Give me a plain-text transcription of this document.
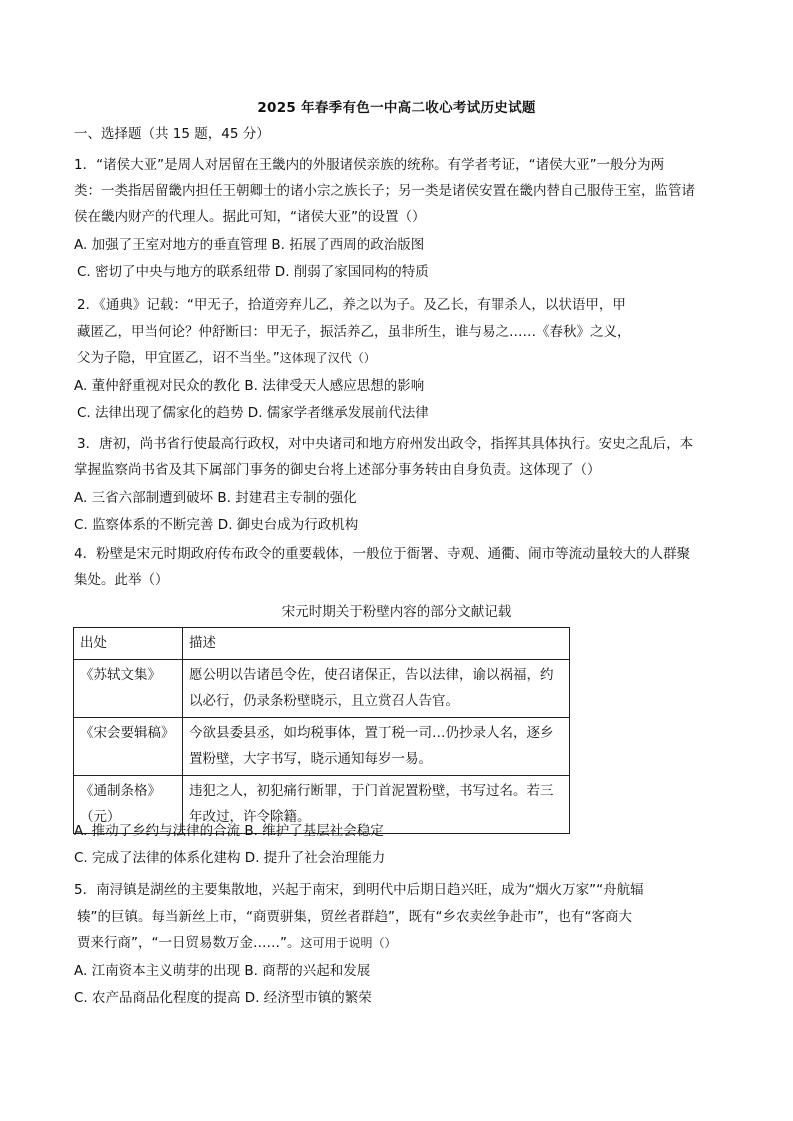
2025 年春季有色一中高二收心考试历史试题
一、选择题（共 15 题，45 分）
1．“诸侯大亚”是周人对居留在王畿内的外服诸侯亲族的统称。有学者考证，“诸侯大亚”一般分为两
类：一类指居留畿内担任王朝卿士的诸小宗之族长子；另一类是诸侯安置在畿内替自己服侍王室，监管诸
侯在畿内财产的代理人。据此可知，“诸侯大亚”的设置（）
A. 加强了王室对地方的垂直管理 B. 拓展了西周的政治版图
C. 密切了中央与地方的联系纽带 D. 削弱了家国同构的特质
2．《通典》记载：“甲无子，拾道旁弃儿乙，养之以为子。及乙长，有罪杀人，以状语甲，甲
藏匿乙，甲当何论？仲舒断曰：甲无子，振活养乙，虽非所生，谁与易之……《春秋》之义，
父为子隐，甲宜匿乙，诏不当坐。”这体现了汉代（）
A. 董仲舒重视对民众的教化 B. 法律受天人感应思想的影响
C. 法律出现了儒家化的趋势 D. 儒家学者继承发展前代法律
3．唐初，尚书省行使最高行政权，对中央诸司和地方府州发出政令，指挥其具体执行。安史之乱后，本
掌握监察尚书省及其下属部门事务的御史台将上述部分事务转由自身负责。这体现了（）
A. 三省六部制遭到破坏 B. 封建君主专制的强化
C. 监察体系的不断完善 D. 御史台成为行政机构
4．粉壁是宋元时期政府传布政令的重要载体，一般位于衙署、寺观、通衢、闹市等流动量较大的人群聚
集处。此举（）
宋元时期关于粉壁内容的部分文献记载
出处	描述
《苏轼文集》	愿公明以告诸邑令佐，使召诸保正，告以法律，谕以祸福，约以必行，仍录条粉壁晓示，且立赏召人告官。
《宋会要辑稿》	今欲县委县丞，如均税事体，置丁税一司…仍抄录人名，逐乡置粉壁，大字书写，晓示通知每岁一易。
《通制条格》（元）	违犯之人，初犯痛行断罪，于门首泥置粉壁，书写过名。若三年改过，许令除籍。
A. 推动了乡约与法律的合流 B. 维护了基层社会稳定
C. 完成了法律的体系化建构 D. 提升了社会治理能力
5．南浔镇是湖丝的主要集散地，兴起于南宋，到明代中后期日趋兴旺，成为“烟火万家”“舟航辐
辏”的巨镇。每当新丝上市，“商贾骈集，贸丝者群趋”，既有“乡农卖丝争赴市”，也有“客商大
贾来行商”，“一日贸易数万金……”。这可用于说明（）
A. 江南资本主义萌芽的出现 B. 商帮的兴起和发展
C. 农产品商品化程度的提高 D. 经济型市镇的繁荣
